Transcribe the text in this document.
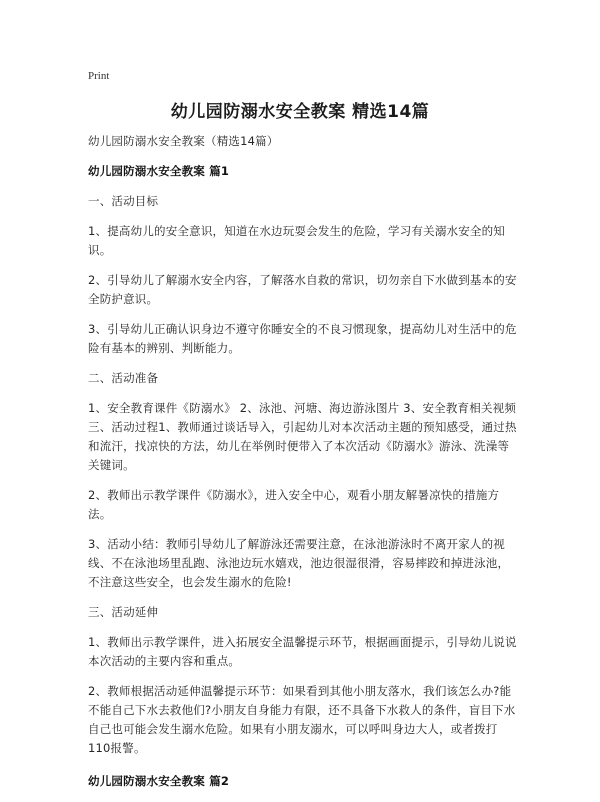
Print
幼儿园防溺水安全教案 精选14篇

幼儿园防溺水安全教案（精选14篇）

幼儿园防溺水安全教案 篇1

一、活动目标

1、提高幼儿的安全意识，知道在水边玩耍会发生的危险，学习有关溺水安全的知识。

2、引导幼儿了解溺水安全内容，了解落水自救的常识，切勿亲自下水做到基本的安全防护意识。

3、引导幼儿正确认识身边不遵守你睡安全的不良习惯现象，提高幼儿对生活中的危险有基本的辨别、判断能力。

二、活动准备

1、安全教育课件《防溺水》 2、泳池、河塘、海边游泳图片 3、安全教育相关视频三、活动过程1、教师通过谈话导入，引起幼儿对本次活动主题的预知感受，通过热和流汗，找凉快的方法，幼儿在举例时便带入了本次活动《防溺水》游泳、洗澡等关键词。

2、教师出示教学课件《防溺水》，进入安全中心，观看小朋友解暑凉快的措施方法。

3、活动小结：教师引导幼儿了解游泳还需要注意，在泳池游泳时不离开家人的视线、不在泳池场里乱跑、泳池边玩水嬉戏，池边很湿很滑，容易摔跤和掉进泳池，不注意这些安全，也会发生溺水的危险!

三、活动延伸

1、教师出示教学课件，进入拓展安全温馨提示环节，根据画面提示，引导幼儿说说本次活动的主要内容和重点。

2、教师根据活动延伸温馨提示环节：如果看到其他小朋友落水，我们该怎么办?能不能自己下水去救他们?小朋友自身能力有限，还不具备下水救人的条件，盲目下水自己也可能会发生溺水危险。如果有小朋友溺水，可以呼叫身边大人，或者拨打110报警。

幼儿园防溺水安全教案 篇2
